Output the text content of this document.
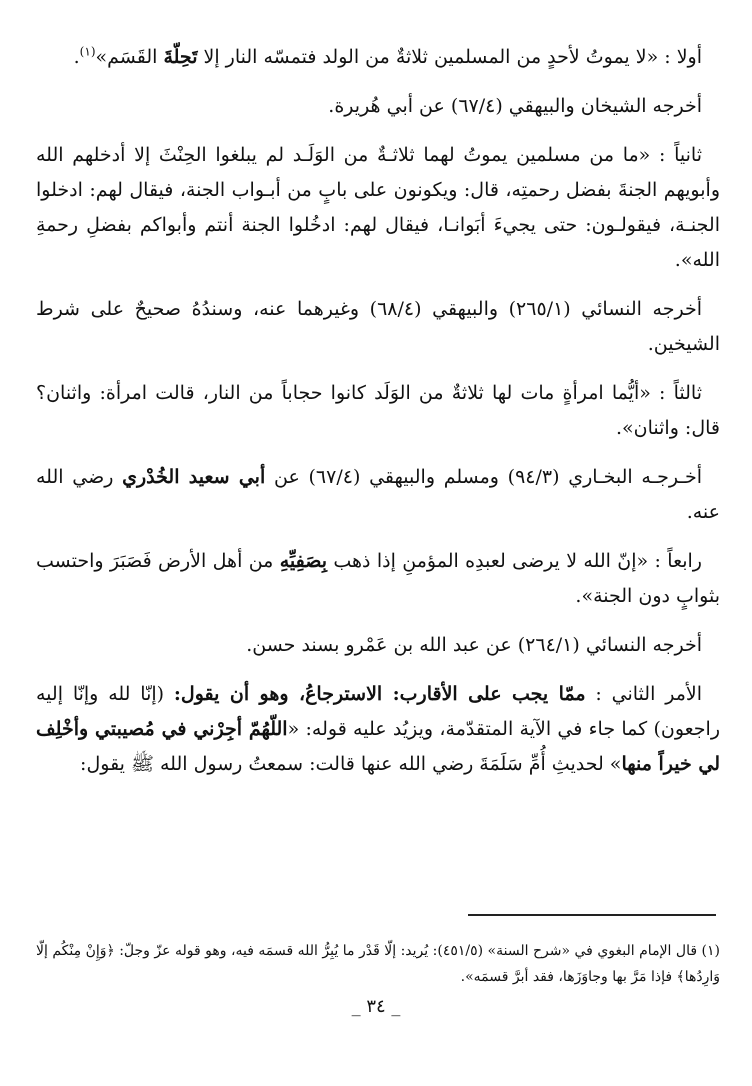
أولا : «لا يموتُ لأحدٍ من المسلمين ثلاثةٌ من الولد فتمسّه النار إلا تَحِلّةَ القَسَم»$^{(١)}$.

أخرجه الشيخان والبيهقي (٦٧/٤) عن أبي هُريرة.

ثانياً : «ما من مسلمين يموتُ لهما ثلاثـةٌ من الوَلَـد لم يبلغوا الحِنْثَ إلا أدخلهم الله وأبويهم الجنةَ بفضل رحمتِه، قال: ويكونون على بابٍ من أبـواب الجنة، فيقال لهم: ادخلوا الجنـة، فيقولـون: حتى يجيءَ أبَوانـا، فيقال لهم: ادخُلوا الجنة أنتم وأبواكم بفضلِ رحمةِ الله».

أخرجه النسائي (٢٦٥/١) والبيهقي (٦٨/٤) وغيرهما عنه، وسندُهُ صحيحٌ على شرط الشيخين.

ثالثاً : «أيُّما امرأةٍ مات لها ثلاثةٌ من الوَلَد كانوا حجاباً من النار، قالت امرأة: واثنان؟ قال: واثنان».

أخـرجـه البخـاري (٩٤/٣) ومسلم والبيهقي (٦٧/٤) عن أبي سعيد الخُدْري رضي الله عنه.

رابعاً : «إنّ الله لا يرضى لعبدِه المؤمنِ إذا ذهب بِصَفِيِّهِ من أهل الأرض فَصَبَرَ واحتسب بثوابٍ دون الجنة».

أخرجه النسائي (٢٦٤/١) عن عبد الله بن عَمْرو بسند حسن.

الأمر الثاني : ممّا يجب على الأقارب: الاسترجاعُ، وهو أن يقول: (إنّا لله وإنّا إليه راجعون) كما جاء في الآية المتقدّمة، ويزيُد عليه قوله: «اللّهُمّ أجِرْني في مُصيبتي وأخْلِف لي خيراً منها» لحديثِ أُمِّ سَلَمَةَ رضي الله عنها قالت: سمعتُ رسول الله ﷺ يقول:

(١) قال الإمام البغوي في «شرح السنة» (٤٥١/٥): يُريد: إلّا قَدْر ما يُبِرُّ الله قسمَه فيه، وهو قوله عزّ وجلّ: ﴿وَإِنْ مِنْكُم إلّا وَارِدُها﴾ فإذا مَرَّ بها وجاوَزَها، فقد أبرَّ قسمَه».

_ ٣٤ _
